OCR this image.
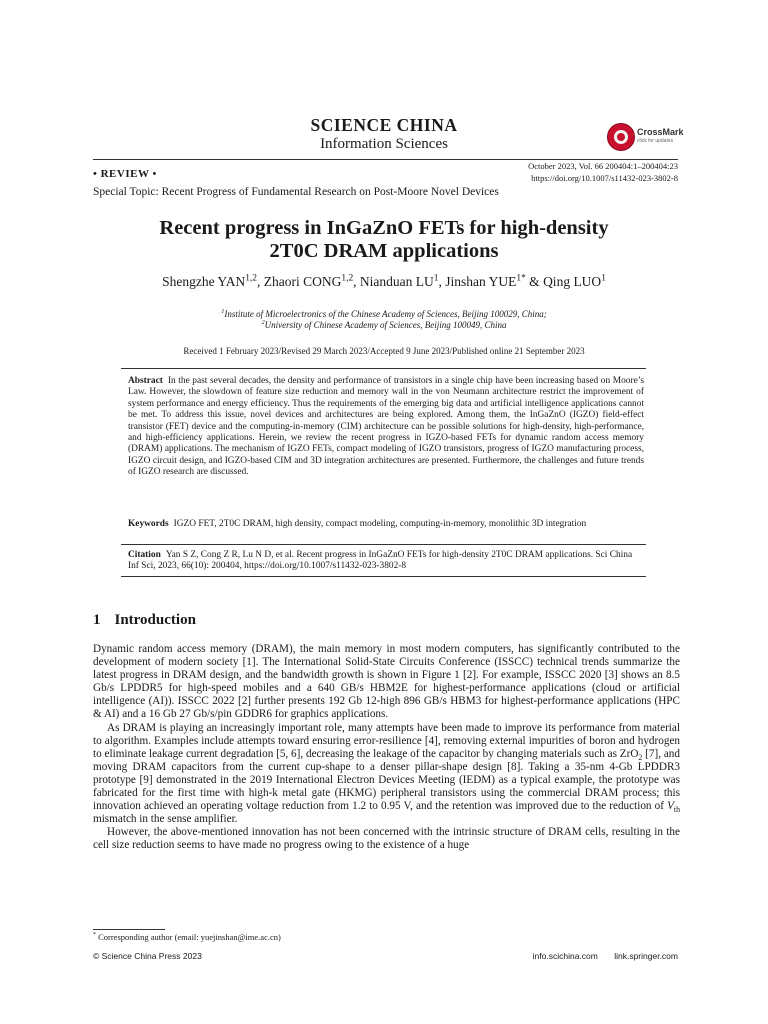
SCIENCE CHINA
Information Sciences
CrossMark
click for updates
• REVIEW •
October 2023, Vol. 66 200404:1–200404:23
https://doi.org/10.1007/s11432-023-3802-8
Special Topic: Recent Progress of Fundamental Research on Post-Moore Novel Devices
Recent progress in InGaZnO FETs for high-density
2T0C DRAM applications
Shengzhe YAN$^{1,2}$, Zhaori CONG$^{1,2}$, Nianduan $LU^1$, Jinshan $YUE^{1*}$ & Qing LUO$^1$
$^1$Institute of Microelectronics of the Chinese Academy of Sciences, Beijing 100029, China;
$^2$University of Chinese Academy of Sciences, Beijing 100049, China
Received 1 February 2023/Revised 29 March 2023/Accepted 9 June 2023/Published online 21 September 2023
Abstract In the past several decades, the density and performance of transistors in a single chip have been increasing based on Moore’s Law. However, the slowdown of feature size reduction and memory wall in the von Neumann architecture restrict the improvement of system performance and energy efficiency. Thus the requirements of the emerging big data and artificial intelligence applications cannot be met. To address this issue, novel devices and architectures are being explored. Among them, the InGaZnO (IGZO) field-effect transistor (FET) device and the computing-in-memory (CIM) architecture can be possible solutions for high-density, high-performance, and high-efficiency applications. Herein, we review the recent progress in IGZO-based FETs for dynamic random access memory (DRAM) applications. The mechanism of IGZO FETs, compact modeling of IGZO transistors, progress of IGZO manufacturing process, IGZO circuit design, and IGZO-based CIM and 3D integration architectures are presented. Furthermore, the challenges and future trends of IGZO research are discussed.
Keywords IGZO FET, 2T0C DRAM, high density, compact modeling, computing-in-memory, monolithic 3D integration
Citation Yan S Z, Cong Z R, Lu N D, et al. Recent progress in InGaZnO FETs for high-density 2T0C DRAM applications. Sci China Inf Sci, 2023, 66(10): 200404, https://doi.org/10.1007/s11432-023-3802-8
1 Introduction

Dynamic random access memory (DRAM), the main memory in most modern computers, has significantly contributed to the development of modern society [1]. The International Solid-State Circuits Conference (ISSCC) technical trends summarize the latest progress in DRAM design, and the bandwidth growth is shown in Figure 1 [2]. For example, ISSCC 2020 [3] shows an 8.5 Gb/s LPDDR5 for high-speed mobiles and a 640 GB/s HBM2E for highest-performance applications (cloud or artificial intelligence (AI)). ISSCC 2022 [2] further presents 192 Gb 12-high 896 GB/s HBM3 for highest-performance applications (HPC & AI) and a 16 Gb 27 Gb/s/pin GDDR6 for graphics applications.

As DRAM is playing an increasingly important role, many attempts have been made to improve its performance from material to algorithm. Examples include attempts toward ensuring error-resilience [4], removing external impurities of boron and hydrogen to eliminate leakage current degradation [5, 6], decreasing the leakage of the capacitor by changing materials such as ZrO$_2$ [7], and moving DRAM capacitors from the current cup-shape to a denser pillar-shape design [8]. Taking a 35-nm 4-Gb LPDDR3 prototype [9] demonstrated in the 2019 International Electron Devices Meeting (IEDM) as a typical example, the prototype was fabricated for the first time with high-k metal gate (HKMG) peripheral transistors using the commercial DRAM process; this innovation achieved an operating voltage reduction from 1.2 to 0.95 V, and the retention was improved due to the reduction of $V_{th}$ mismatch in the sense amplifier.

However, the above-mentioned innovation has not been concerned with the intrinsic structure of DRAM cells, resulting in the cell size reduction seems to have made no progress owing to the existence of a huge

* Corresponding author (email: yuejinshan@ime.ac.cn)
© Science China Press 2023	info.scichina.com link.springer.com
